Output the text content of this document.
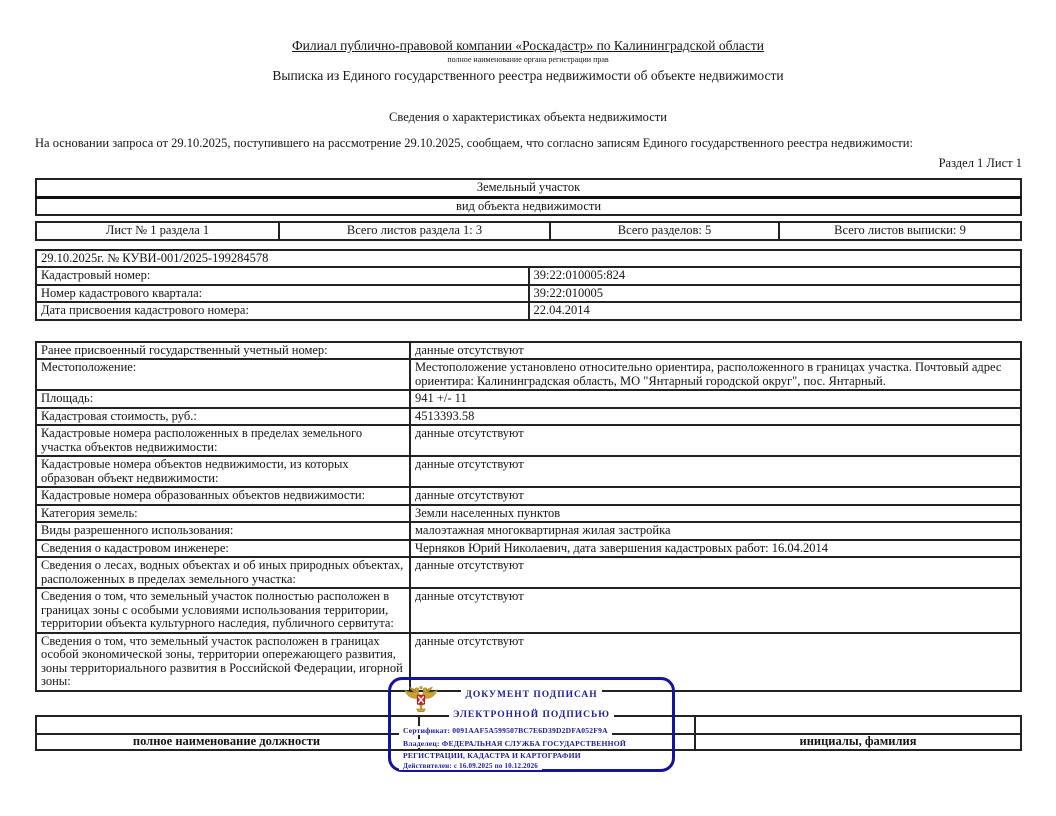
Филиал публично-правовой компании «Роскадастр» по Калининградской области
полное наименование органа регистрации прав
Выписка из Единого государственного реестра недвижимости об объекте недвижимости
Сведения о характеристиках объекта недвижимости
На основании запроса от 29.10.2025, поступившего на рассмотрение 29.10.2025, сообщаем, что согласно записям Единого государственного реестра недвижимости:
Раздел 1 Лист 1
Земельный участок
вид объекта недвижимости
Лист № 1 раздела 1	Всего листов раздела 1: 3	Всего разделов: 5	Всего листов выписки: 9
29.10.2025г. № КУВИ-001/2025-199284578	
Кадастровый номер:	39:22:010005:824
Номер кадастрового квартала:	39:22:010005
Дата присвоения кадастрового номера:	22.04.2014
Ранее присвоенный государственный учетный номер:	данные отсутствуют
Местоположение:	Местоположение установлено относительно ориентира, расположенного в границах участка. Почтовый адрес ориентира: Калининградская область, МО "Янтарный городской округ", пос. Янтарный.
Площадь:	941 +/- 11
Кадастровая стоимость, руб.:	4513393.58
Кадастровые номера расположенных в пределах земельного участка объектов недвижимости:	данные отсутствуют
Кадастровые номера объектов недвижимости, из которых образован объект недвижимости:	данные отсутствуют
Кадастровые номера образованных объектов недвижимости:	данные отсутствуют
Категория земель:	Земли населенных пунктов
Виды разрешенного использования:	малоэтажная многоквартирная жилая застройка
Сведения о кадастровом инженере:	Черняков Юрий Николаевич, дата завершения кадастровых работ: 16.04.2014
Сведения о лесах, водных объектах и об иных природных объектах, расположенных в пределах земельного участка:	данные отсутствуют
Сведения о том, что земельный участок полностью расположен в границах зоны с особыми условиями использования территории, территории объекта культурного наследия, публичного сервитута:	данные отсутствуют
Сведения о том, что земельный участок расположен в границах особой экономической зоны, территории опережающего развития, зоны территориального развития в Российской Федерации, игорной зоны:	данные отсутствуют
полное наименование должности	инициалы, фамилия
ДОКУМЕНТ ПОДПИСАН
ЭЛЕКТРОННОЙ ПОДПИСЬЮ
Сертификат: 0091AAF5A599507BC7E6D39D2DFA052F9A
Владелец: ФЕДЕРАЛЬНАЯ СЛУЖБА ГОСУДАРСТВЕННОЙ
РЕГИСТРАЦИИ, КАДАСТРА И КАРТОГРАФИИ
Действителен: с 16.09.2025 по 10.12.2026
